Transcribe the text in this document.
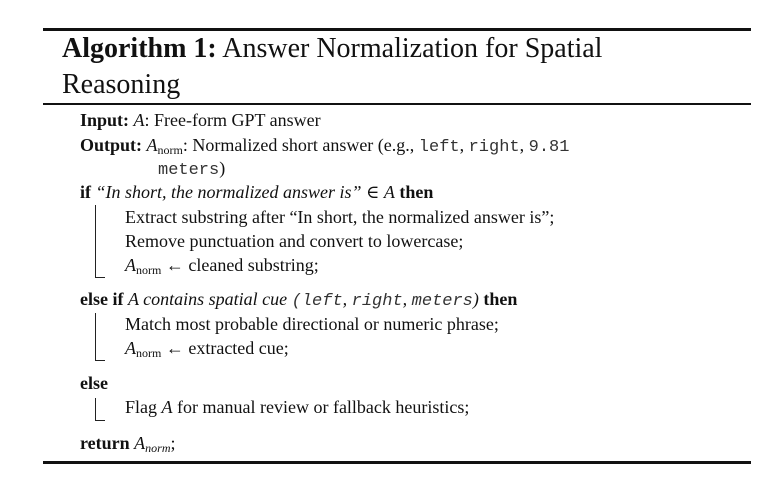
Algorithm 1: Answer Normalization for Spatial
Reasoning
Input: A: Free-form GPT answer
Output: $A_{norm}$: Normalized short answer (e.g., left, right, 9.81
meters)
if “In short, the normalized answer is” ∈ A then
Extract substring after “In short, the normalized answer is”;
Remove punctuation and convert to lowercase;
$A_{norm}$ ← cleaned substring;
else if A contains spatial cue (left, right, meters) then
Match most probable directional or numeric phrase;
$A_{norm}$ ← extracted cue;
else
Flag A for manual review or fallback heuristics;
return $A_{norm}$;
